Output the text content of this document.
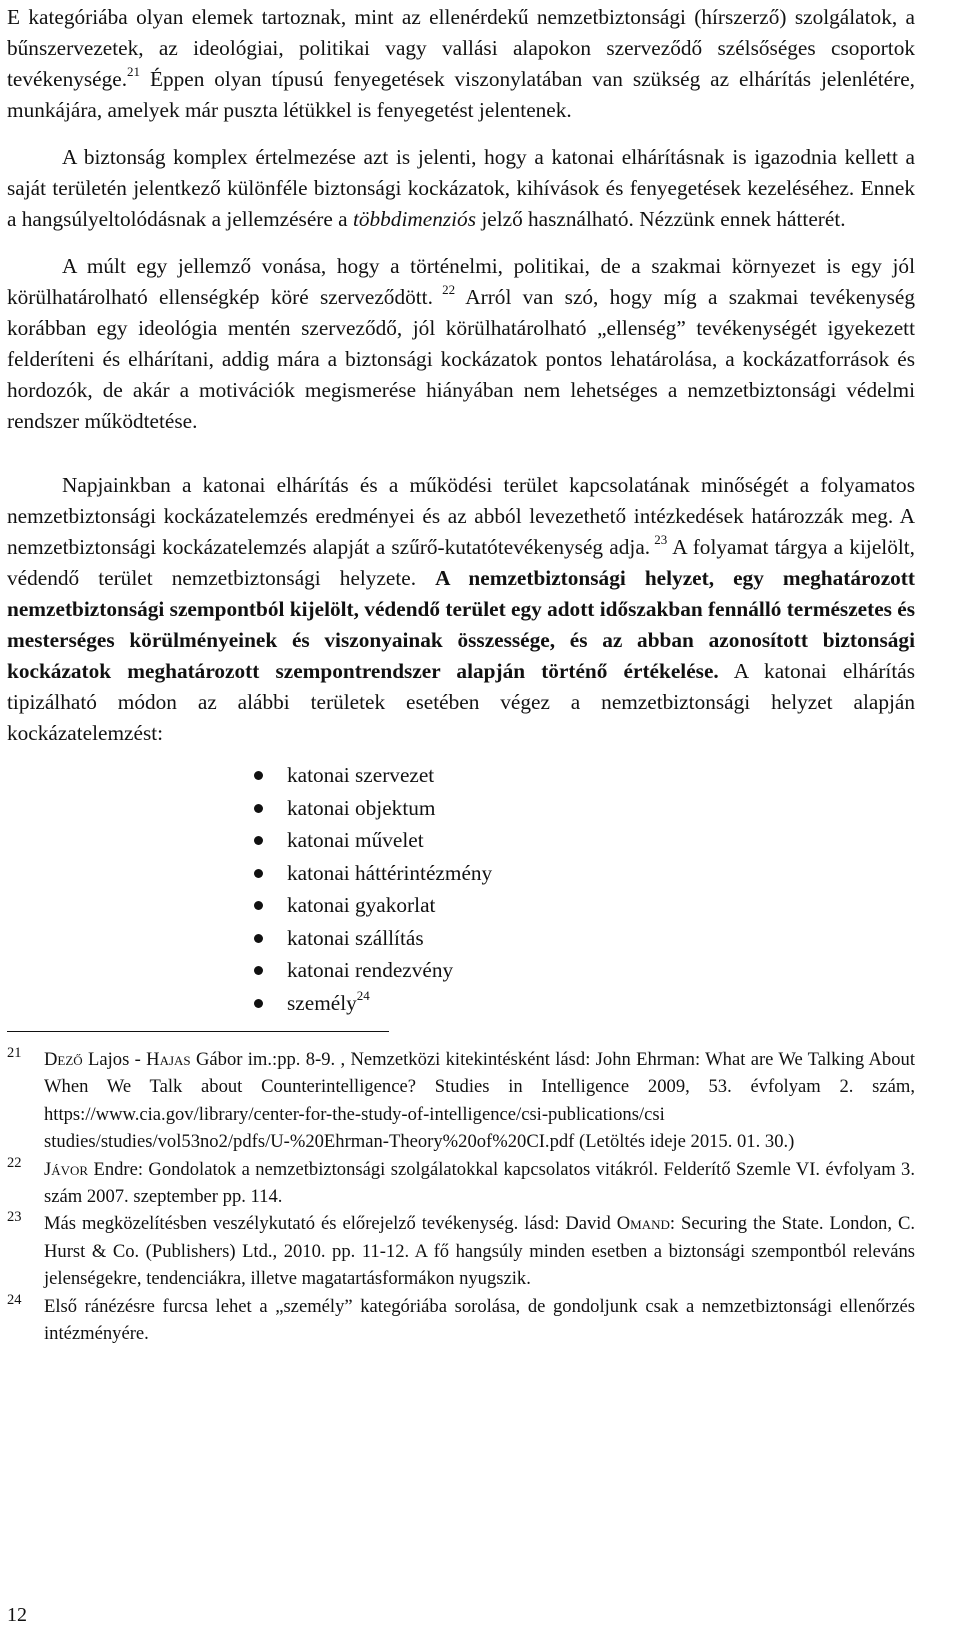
E kategóriába olyan elemek tartoznak, mint az ellenérdekű nemzetbiztonsági (hírszerző) szolgálatok, a bűnszervezetek, az ideológiai, politikai vagy vallási alapokon szerveződő szélsőséges csoportok tevékenysége.$^{21}$ Éppen olyan típusú fenyegetések viszonylatában van szükség az elhárítás jelenlétére, munkájára, amelyek már puszta létükkel is fenyegetést jelentenek.

A biztonság komplex értelmezése azt is jelenti, hogy a katonai elhárításnak is igazodnia kellett a saját területén jelentkező különféle biztonsági kockázatok, kihívások és fenyegetések kezeléséhez. Ennek a hangsúlyeltolódásnak a jellemzésére a többdimenziós jelző használható. Nézzünk ennek hátterét.

A múlt egy jellemző vonása, hogy a történelmi, politikai, de a szakmai környezet is egy jól körülhatárolható ellenségkép köré szerveződött. $^{22}$ Arról van szó, hogy míg a szakmai tevékenység korábban egy ideológia mentén szerveződő, jól körülhatárolható „ellenség” tevékenységét igyekezett felderíteni és elhárítani, addig mára a biztonsági kockázatok pontos lehatárolása, a kockázatforrások és hordozók, de akár a motivációk megismerése hiányában nem lehetséges a nemzetbiztonsági védelmi rendszer működtetése.

Napjainkban a katonai elhárítás és a működési terület kapcsolatának minőségét a folyamatos nemzetbiztonsági kockázatelemzés eredményei és az abból levezethető intézkedések határozzák meg. A nemzetbiztonsági kockázatelemzés alapját a szűrő-kutatótevékenység adja. $^{23}$ A folyamat tárgya a kijelölt, védendő terület nemzetbiztonsági helyzete. A nemzetbiztonsági helyzet, egy meghatározott nemzetbiztonsági szempontból kijelölt, védendő terület egy adott időszakban fennálló természetes és mesterséges körülményeinek és viszonyainak összessége, és az abban azonosított biztonsági kockázatok meghatározott szempontrendszer alapján történő értékelése. A katonai elhárítás tipizálható módon az alábbi területek esetében végez a nemzetbiztonsági helyzet alapján kockázatelemzést:

katonai szervezet
katonai objektum
katonai művelet
katonai háttérintézmény
katonai gyakorlat
katonai szállítás
katonai rendezvény
személy$^{24}$
21 Dező Lajos - Hajas Gábor im.:pp. 8-9. , Nemzetközi kitekintésként lásd: John Ehrman: What are We Talking About When We Talk about Counterintelligence? Studies in Intelligence 2009, 53. évfolyam 2. szám, https://www.cia.gov/library/center-for-the-study-of-intelligence/csi-publications/csi studies/studies/vol53no2/pdfs/U-%20Ehrman-Theory%20of%20CI.pdf (Letöltés ideje 2015. 01. 30.)
22 Jávor Endre: Gondolatok a nemzetbiztonsági szolgálatokkal kapcsolatos vitákról. Felderítő Szemle VI. évfolyam 3. szám 2007. szeptember pp. 114.
23 Más megközelítésben veszélykutató és előrejelző tevékenység. lásd: David Omand: Securing the State. London, C. Hurst & Co. (Publishers) Ltd., 2010. pp. 11-12. A fő hangsúly minden esetben a biztonsági szempontból releváns jelenségekre, tendenciákra, illetve magatartásformákon nyugszik.
24 Első ránézésre furcsa lehet a „személy” kategóriába sorolása, de gondoljunk csak a nemzetbiztonsági ellenőrzés intézményére.
12
